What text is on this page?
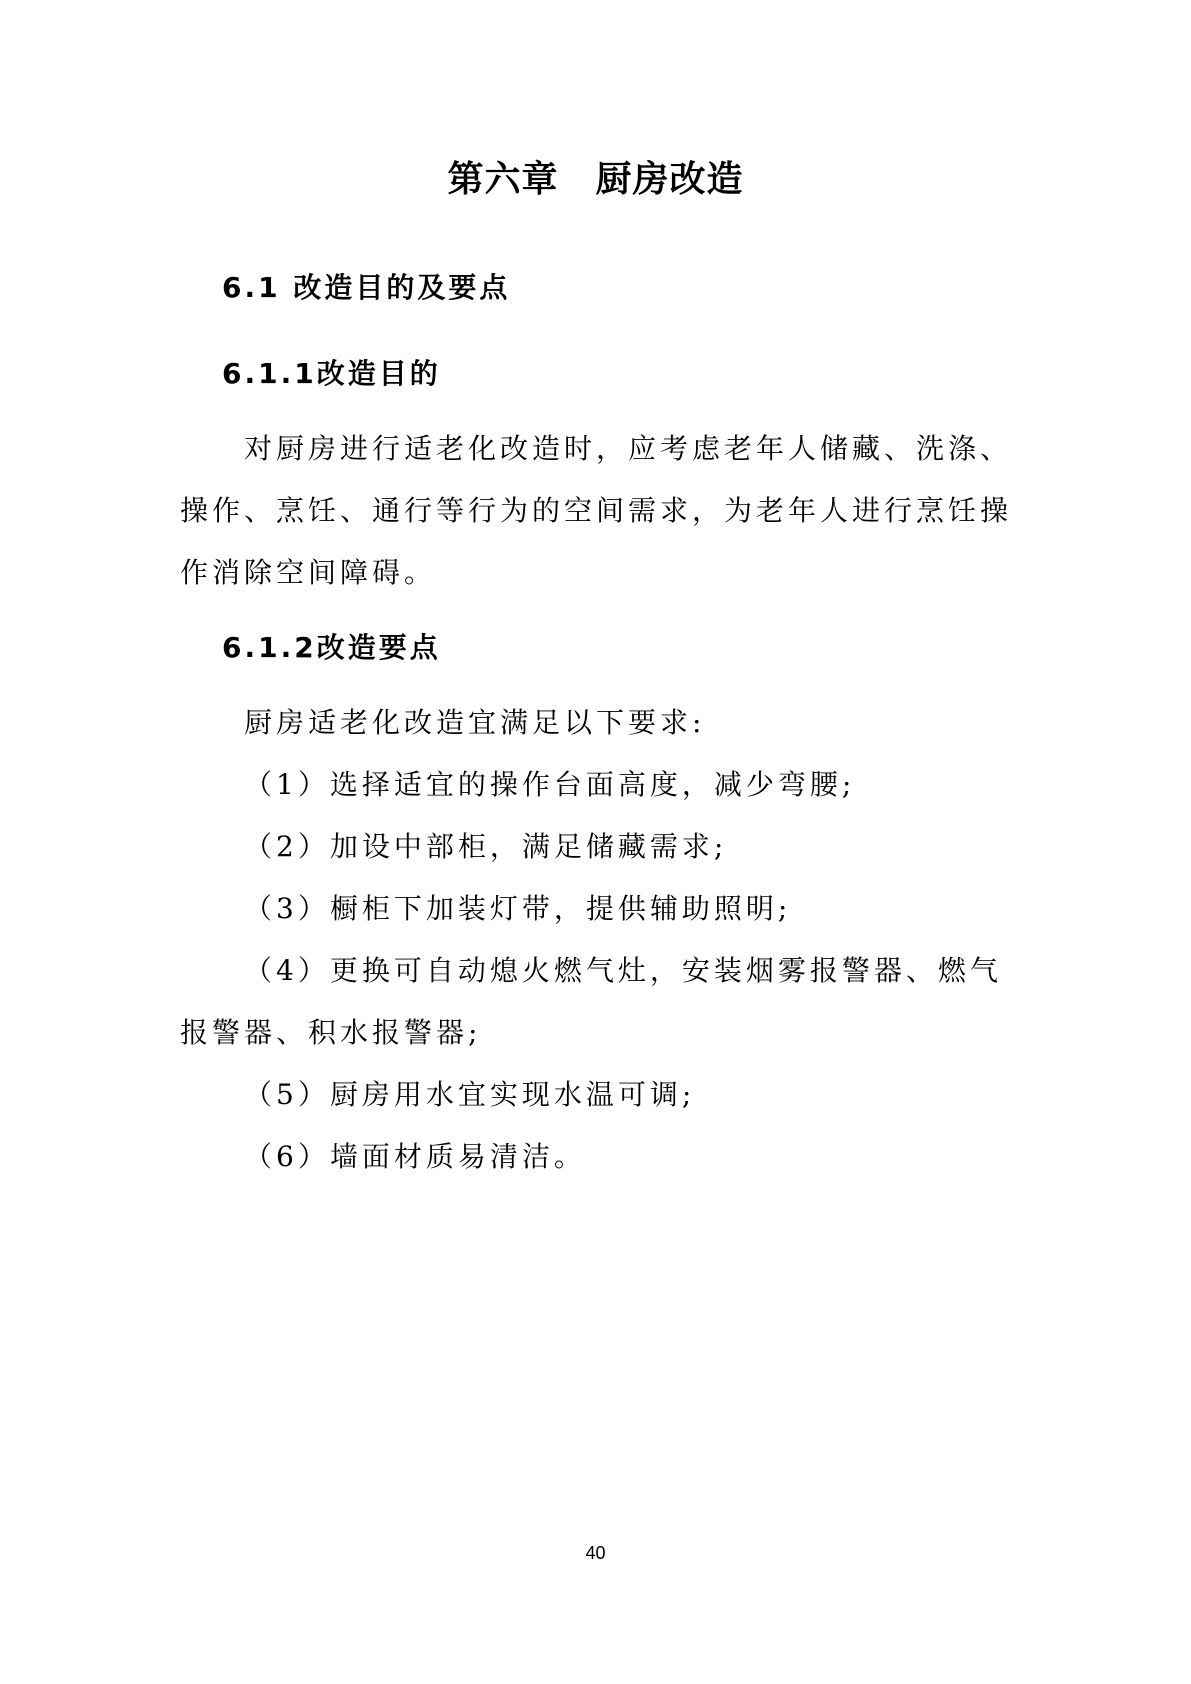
第六章　厨房改造
6.1 改造目的及要点
6.1.1改造目的

对厨房进行适老化改造时，应考虑老年人储藏、洗涤、操作、烹饪、通行等行为的空间需求，为老年人进行烹饪操作消除空间障碍。

6.1.2改造要点

厨房适老化改造宜满足以下要求:

（1）选择适宜的操作台面高度，减少弯腰;

（2）加设中部柜，满足储藏需求;

（3）橱柜下加装灯带，提供辅助照明;

（4）更换可自动熄火燃气灶，安装烟雾报警器、燃气报警器、积水报警器;

（5）厨房用水宜实现水温可调;

（6）墙面材质易清洁。

40
